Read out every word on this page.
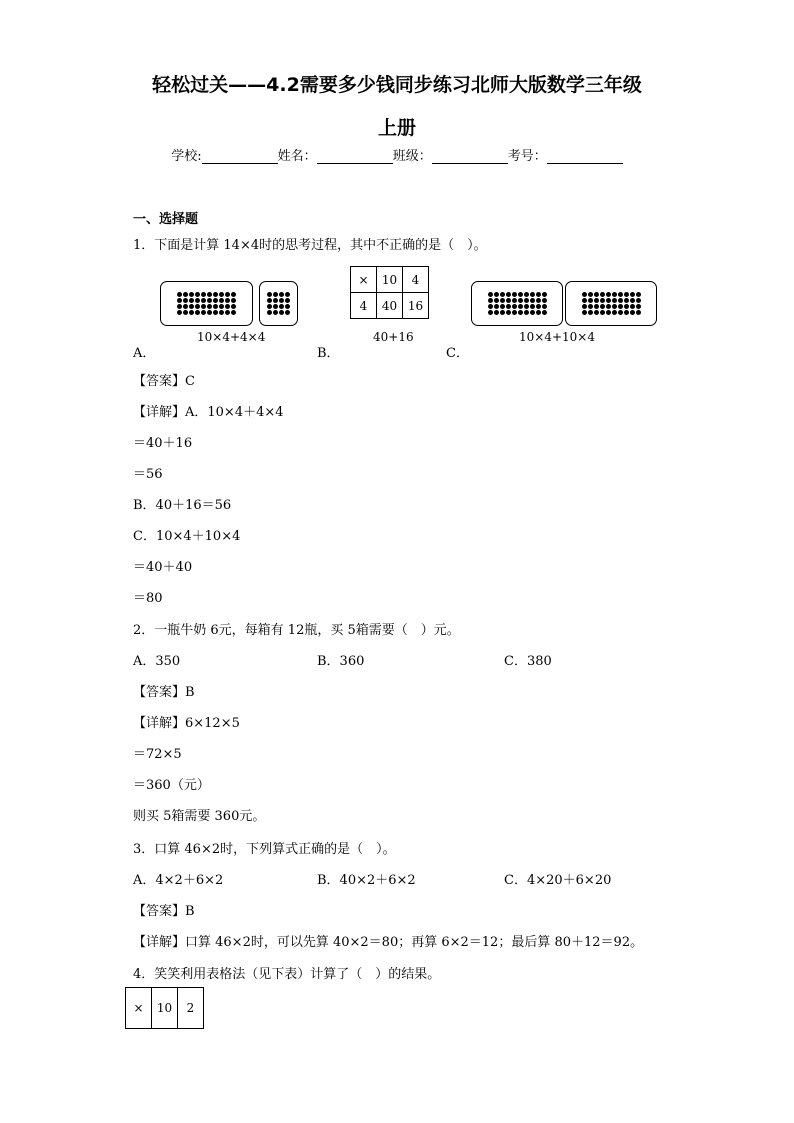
轻松过关——4.2需要多少钱同步练习北师大版数学三年级
上册
学校:	姓名：	班级：	考号：
一、选择题
1．下面是计算 14×4时的思考过程，其中不正确的是（　）。
10×4+4×4
A．
×	10	4
4	40	16
40+16
B．
10×4+10×4
C．
【答案】C
【详解】A．10×4＋4×4
＝40＋16
＝56
B．40＋16＝56
C．10×4＋10×4
＝40＋40
＝80
2．一瓶牛奶 6元，每箱有 12瓶，买 5箱需要（　）元。
A．350	B．360	C．380
【答案】B
【详解】6×12×5
＝72×5
＝360（元）
则买 5箱需要 360元。
3．口算 46×2时，下列算式正确的是（　）。
A．4×2＋6×2	B．40×2＋6×2	C．4×20＋6×20
【答案】B
【详解】口算 46×2时，可以先算 40×2＝80；再算 6×2＝12；最后算 80＋12＝92。
4．笑笑利用表格法（见下表）计算了（　）的结果。
×	10	2
